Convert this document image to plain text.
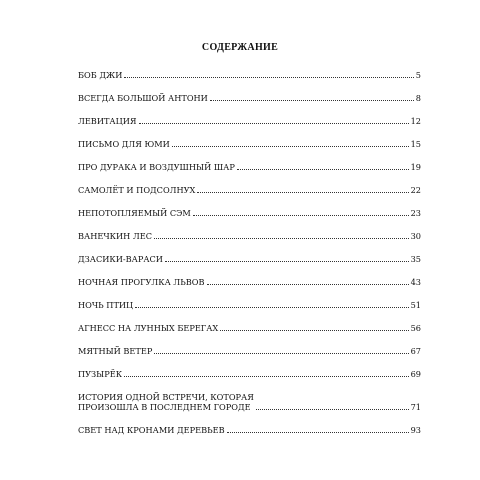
СОДЕРЖАНИЕ
БОБ ДЖИ	5
ВСЕГДА БОЛЬШОЙ АНТОНИ	8
ЛЕВИТАЦИЯ	12
ПИСЬМО ДЛЯ ЮМИ	15
ПРО ДУРАКА И ВОЗДУШНЫЙ ШАР	19
САМОЛЁТ И ПОДСОЛНУХ	22
НЕПОТОПЛЯЕМЫЙ СЭМ	23
ВАНЕЧКИН ЛЕС	30
ДЗАСИКИ-ВАРАСИ	35
НОЧНАЯ ПРОГУЛКА ЛЬВОВ	43
НОЧЬ ПТИЦ	51
АГНЕСС НА ЛУННЫХ БЕРЕГАХ	56
МЯТНЫЙ ВЕТЕР	67
ПУЗЫРЁК	69
ИСТОРИЯ ОДНОЙ ВСТРЕЧИ, КОТОРАЯ
ПРОИЗОШЛА В ПОСЛЕДНЕМ ГОРОДЕ	71
СВЕТ НАД КРОНАМИ ДЕРЕВЬЕВ	93
